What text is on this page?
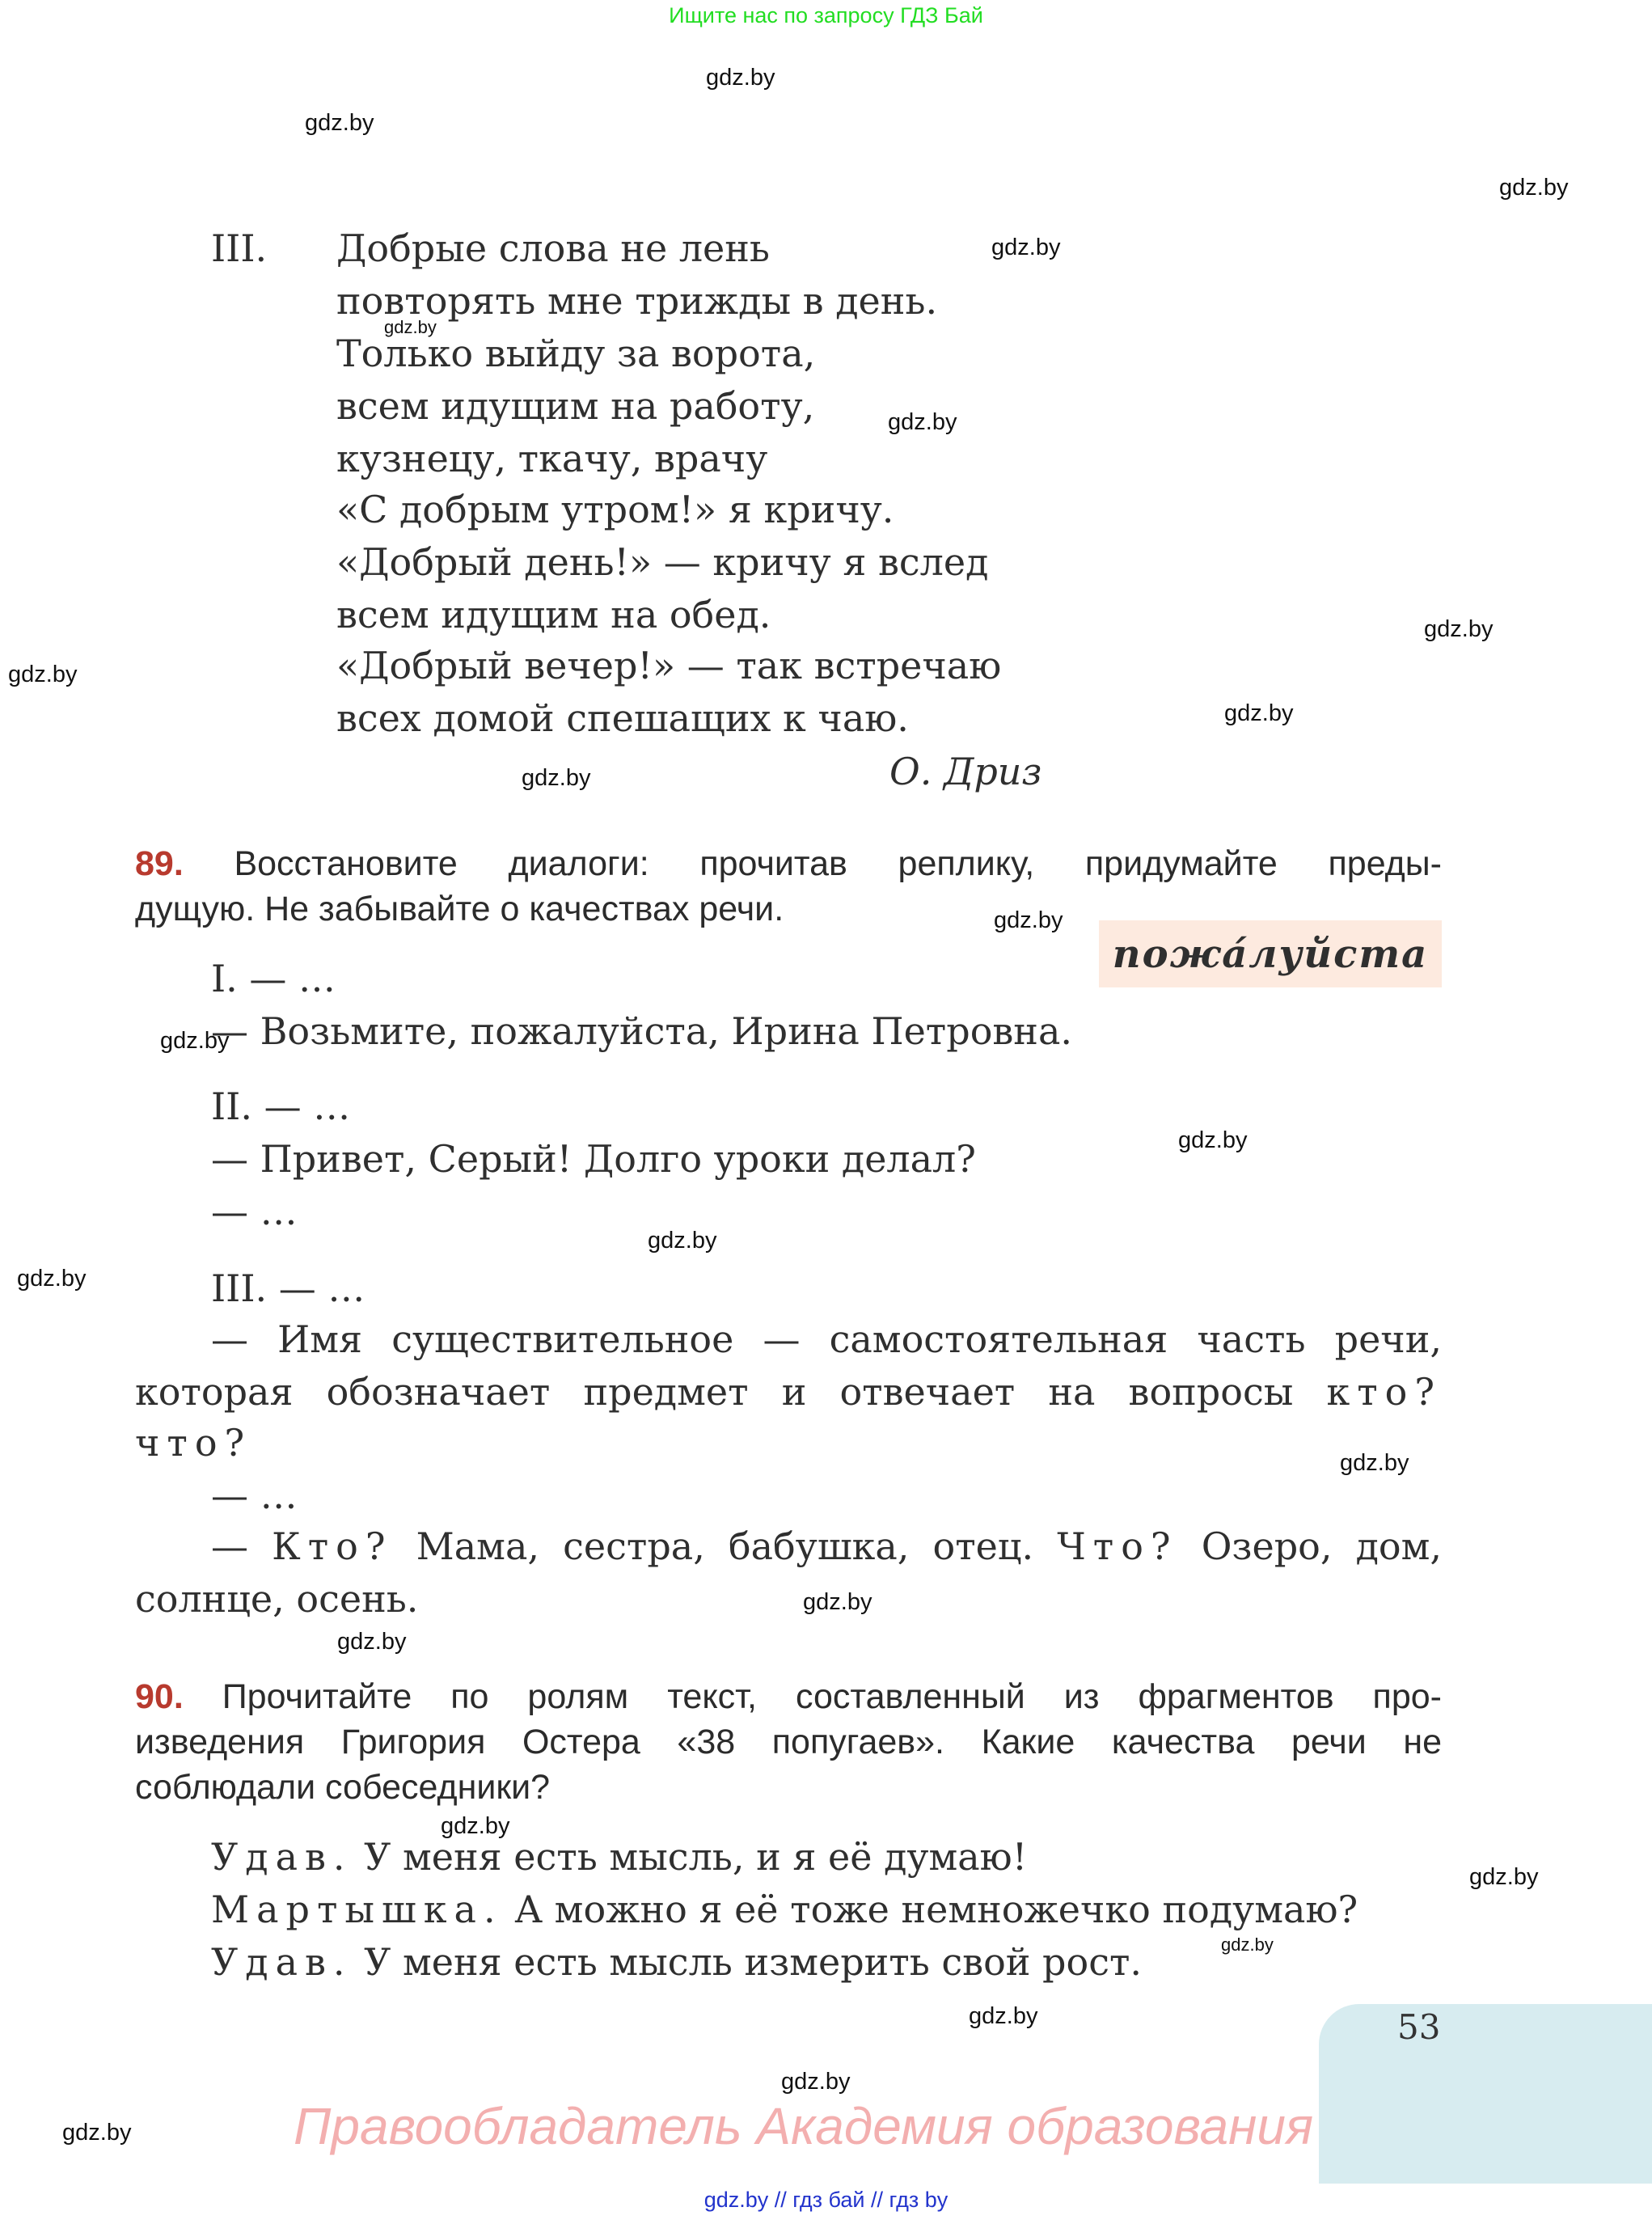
Ищите нас по запросу ГДЗ Бай
53
Правообладатель Академия образования
III. Добрые слова не лень
повторять мне трижды в день.
Только выйду за ворота,
всем идущим на работу,
кузнецу, ткачу, врачу
«С добрым утром!» я кричу.
«Добрый день!» — кричу я вслед
всем идущим на обед.
«Добрый вечер!» — так встречаю
всех домой спешащих к чаю.
О. Дриз
89. Восстановите диалоги: прочитав реплику, придумайте преды-
дущую. Не забывайте о качествах речи.
пожа́луйста
I. — …
— Возьмите, пожалуйста, Ирина Петровна.
II. — …
— Привет, Серый! Долго уроки делал?
— …
III. — …
— Имя существительное — самостоятельная часть речи,
которая обозначает предмет и отвечает на вопросы кто?
что?
— …
— Кто? Мама, сестра, бабушка, отец. Что? Озеро, дом,
солнце, осень.
90. Прочитайте по ролям текст, составленный из фрагментов про-
изведения Григория Остера «38 попугаев». Какие качества речи не
соблюдали собеседники?
Удав. У меня есть мысль, и я её думаю!
Мартышка. А можно я её тоже немножечко подумаю?
Удав. У меня есть мысль измерить свой рост.
gdz.by
gdz.by
gdz.by
gdz.by
gdz.by
gdz.by
gdz.by
gdz.by
gdz.by
gdz.by
gdz.by
gdz.by
gdz.by
gdz.by
gdz.by
gdz.by
gdz.by
gdz.by
gdz.by
gdz.by
gdz.by
gdz.by
gdz.by
gdz.by
gdz.by // гдз бай // гдз by
